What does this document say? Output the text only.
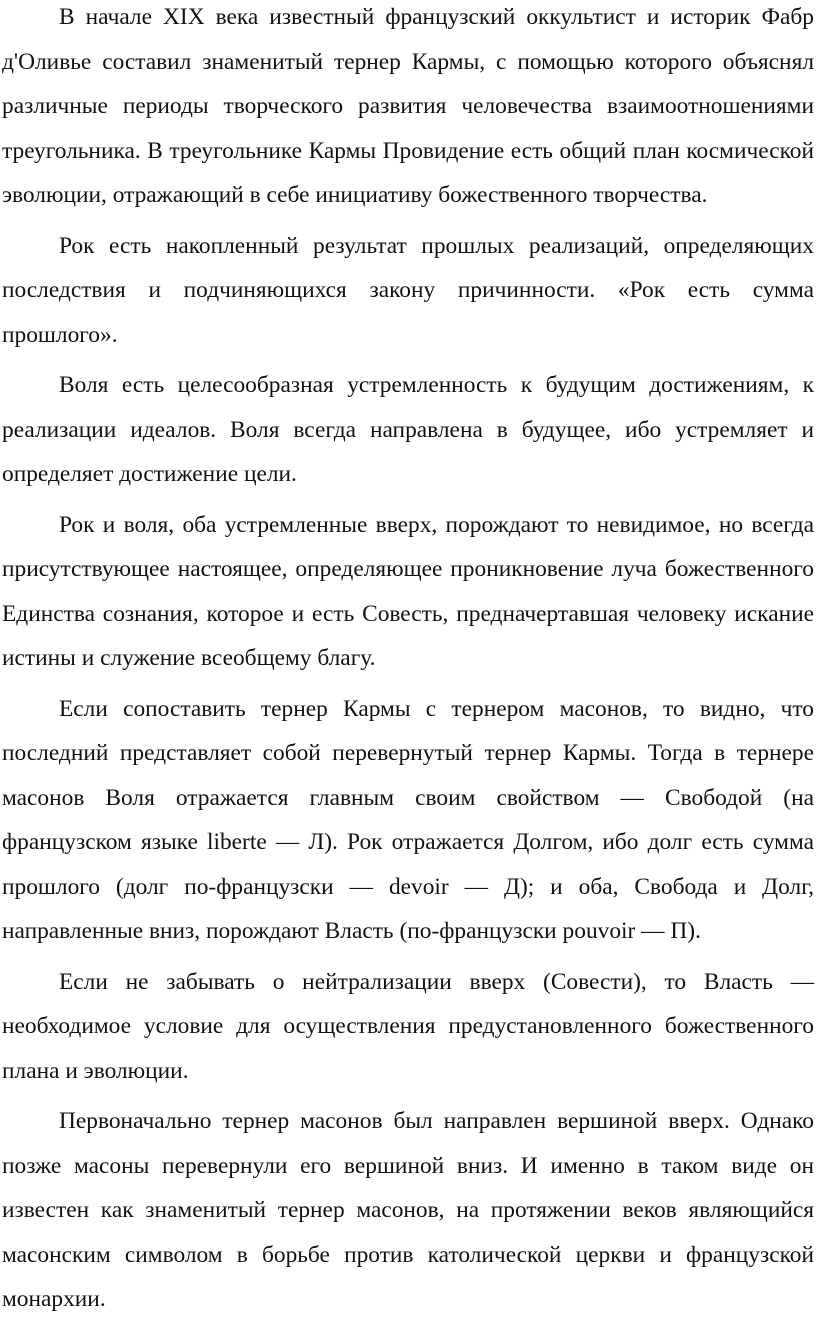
В начале XIX века известный французский оккультист и историк Фабр д'Оливье составил знаменитый тернер Кармы, с помощью которого объяснял различные периоды творческого развития человечества взаимоотношениями треугольника. В треугольнике Кармы Провидение есть общий план космической эволюции, отражающий в себе инициативу божественного творчества.

Рок есть накопленный результат прошлых реализаций, определяющих последствия и подчиняющихся закону причинности. «Рок есть сумма прошлого».

Воля есть целесообразная устремленность к будущим достижениям, к реализации идеалов. Воля всегда направлена в будущее, ибо устремляет и определяет достижение цели.

Рок и воля, оба устремленные вверх, порождают то невидимое, но всегда присутствующее настоящее, определяющее проникновение луча божественного Единства сознания, которое и есть Совесть, предначертавшая человеку искание истины и служение всеобщему благу.

Если сопоставить тернер Кармы с тернером масонов, то видно, что последний представляет собой перевернутый тернер Кармы. Тогда в тернере масонов Воля отражается главным своим свойством — Свободой (на французском языке liberte — Л). Рок отражается Долгом, ибо долг есть сумма прошлого (долг по-французски — devoir — Д); и оба, Свобода и Долг, направленные вниз, порождают Власть (по-французски pouvoir — П).

Если не забывать о нейтрализации вверх (Совести), то Власть — необходимое условие для осуществления предустановленного божественного плана и эволюции.

Первоначально тернер масонов был направлен вершиной вверх. Однако позже масоны перевернули его вершиной вниз. И именно в таком виде он известен как знаменитый тернер масонов, на протяжении веков являющийся масонским символом в борьбе против католической церкви и французской монархии.
